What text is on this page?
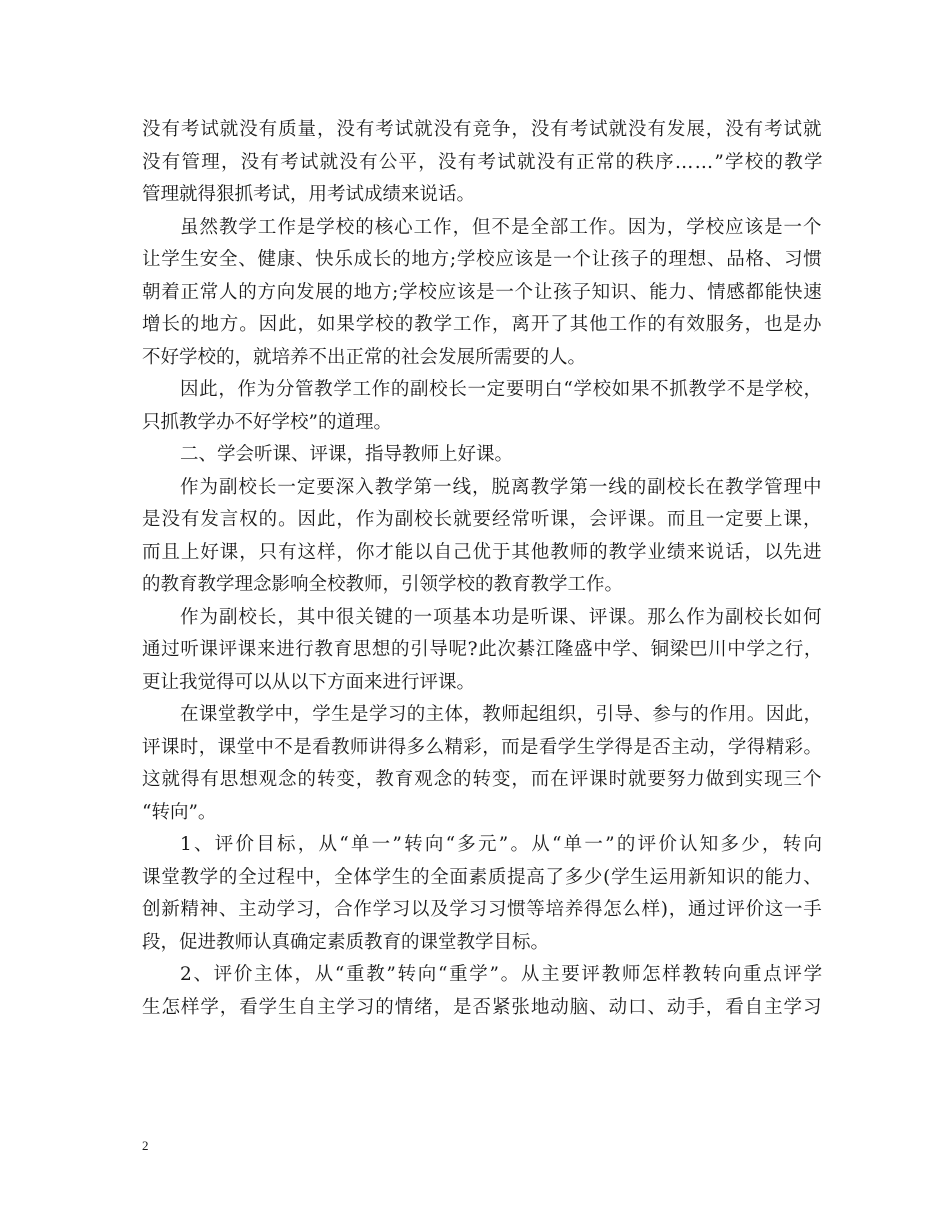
没有考试就没有质量，没有考试就没有竞争，没有考试就没有发展，没有考试就
没有管理，没有考试就没有公平，没有考试就没有正常的秩序……”学校的教学
管理就得狠抓考试，用考试成绩来说话。
虽然教学工作是学校的核心工作，但不是全部工作。因为，学校应该是一个
让学生安全、健康、快乐成长的地方;学校应该是一个让孩子的理想、品格、习惯
朝着正常人的方向发展的地方;学校应该是一个让孩子知识、能力、情感都能快速
增长的地方。因此，如果学校的教学工作，离开了其他工作的有效服务，也是办
不好学校的，就培养不出正常的社会发展所需要的人。
因此，作为分管教学工作的副校长一定要明白“学校如果不抓教学不是学校，
只抓教学办不好学校”的道理。
二、学会听课、评课，指导教师上好课。
作为副校长一定要深入教学第一线，脱离教学第一线的副校长在教学管理中
是没有发言权的。因此，作为副校长就要经常听课，会评课。而且一定要上课，
而且上好课，只有这样，你才能以自己优于其他教师的教学业绩来说话，以先进
的教育教学理念影响全校教师，引领学校的教育教学工作。
作为副校长，其中很关键的一项基本功是听课、评课。那么作为副校长如何
通过听课评课来进行教育思想的引导呢?此次綦江隆盛中学、铜梁巴川中学之行，
更让我觉得可以从以下方面来进行评课。
在课堂教学中，学生是学习的主体，教师起组织，引导、参与的作用。因此，
评课时，课堂中不是看教师讲得多么精彩，而是看学生学得是否主动，学得精彩。
这就得有思想观念的转变，教育观念的转变，而在评课时就要努力做到实现三个
“转向”。
1、评价目标，从“单一”转向“多元”。从“单一”的评价认知多少，转向
课堂教学的全过程中，全体学生的全面素质提高了多少(学生运用新知识的能力、
创新精神、主动学习，合作学习以及学习习惯等培养得怎么样)，通过评价这一手
段，促进教师认真确定素质教育的课堂教学目标。
2、评价主体，从“重教”转向“重学”。从主要评教师怎样教转向重点评学
生怎样学，看学生自主学习的情绪，是否紧张地动脑、动口、动手，看自主学习
2
